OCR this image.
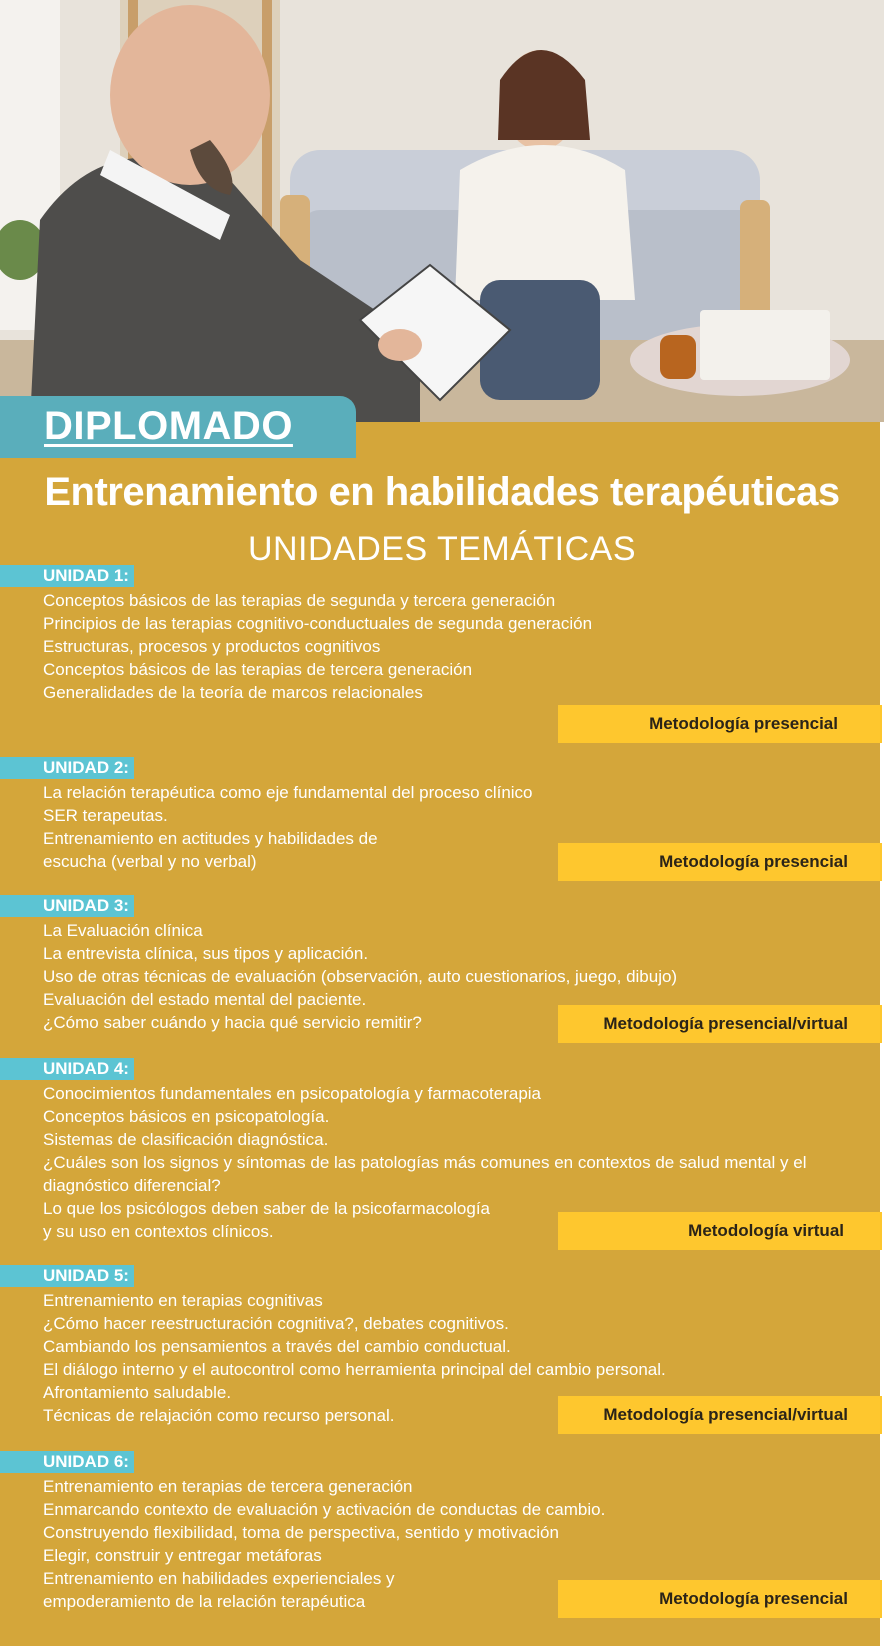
DIPLOMADO
Entrenamiento en habilidades terapéuticas
UNIDADES TEMÁTICAS
UNIDAD 1:
Conceptos básicos de las terapias de segunda y tercera generación
Principios de las terapias cognitivo-conductuales de segunda generación
Estructuras, procesos y productos cognitivos
Conceptos básicos de las terapias de tercera generación
Generalidades de la teoría de marcos relacionales
Metodología presencial
UNIDAD 2:
La relación terapéutica como eje fundamental del proceso clínico
SER terapeutas.
Entrenamiento en actitudes y habilidades de
escucha (verbal y no verbal)	Metodología presencial
UNIDAD 3:
La Evaluación clínica
La entrevista clínica, sus tipos y aplicación.
Uso de otras técnicas de evaluación (observación, auto cuestionarios, juego, dibujo)
Evaluación del estado mental del paciente.
¿Cómo saber cuándo y hacia qué servicio remitir?	Metodología presencial/virtual
UNIDAD 4:
Conocimientos fundamentales en psicopatología y farmacoterapia
Conceptos básicos en psicopatología.
Sistemas de clasificación diagnóstica.
¿Cuáles son los signos y síntomas de las patologías más comunes en contextos de salud mental y el
diagnóstico diferencial?
Lo que los psicólogos deben saber de la psicofarmacología
y su uso en contextos clínicos.	Metodología virtual
UNIDAD 5:
Entrenamiento en terapias cognitivas
¿Cómo hacer reestructuración cognitiva?, debates cognitivos.
Cambiando los pensamientos a través del cambio conductual.
El diálogo interno y el autocontrol como herramienta principal del cambio personal.
Afrontamiento saludable.
Técnicas de relajación como recurso personal.	Metodología presencial/virtual
UNIDAD 6:
Entrenamiento en terapias de tercera generación
Enmarcando contexto de evaluación y activación de conductas de cambio.
Construyendo flexibilidad, toma de perspectiva, sentido y motivación
Elegir, construir y entregar metáforas
Entrenamiento en habilidades experienciales y
empoderamiento de la relación terapéutica	Metodología presencial
